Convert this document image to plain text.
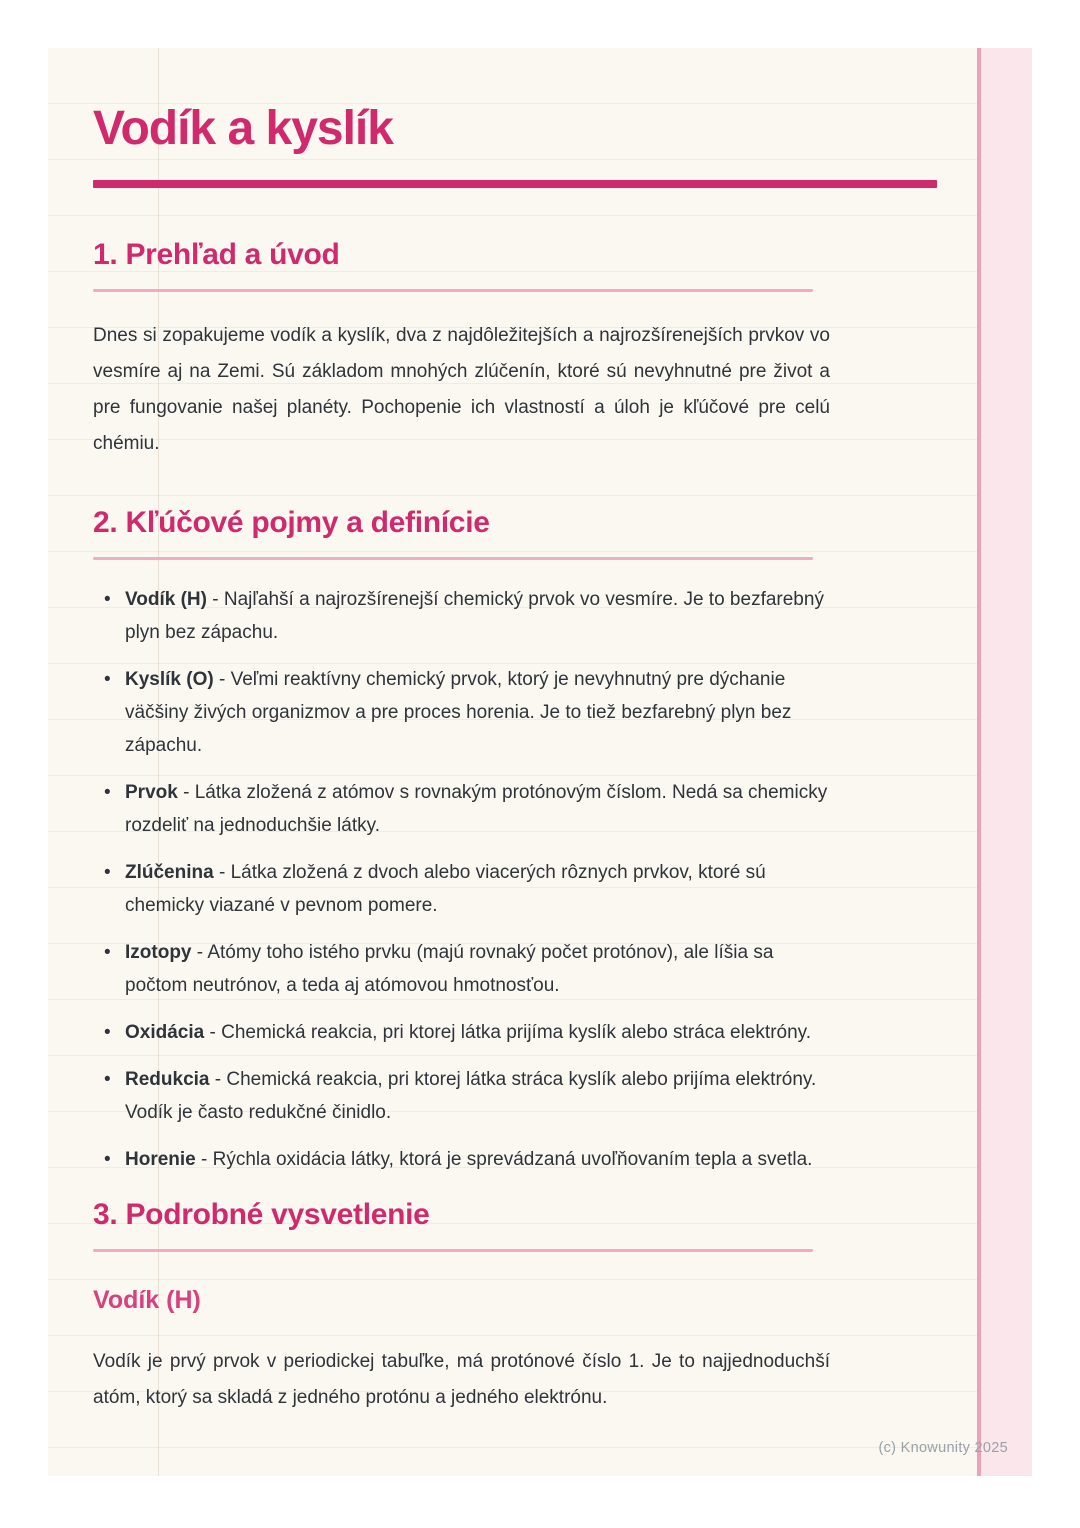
Vodík a kyslík
1. Prehľad a úvod

Dnes si zopakujeme vodík a kyslík, dva z najdôležitejších a najrozšírenejších prvkov vo vesmíre aj na Zemi. Sú základom mnohých zlúčenín, ktoré sú nevyhnutné pre život a pre fungovanie našej planéty. Pochopenie ich vlastností a úloh je kľúčové pre celú chémiu.

2. Kľúčové pojmy a definície
• Vodík (H) - Najľahší a najrozšírenejší chemický prvok vo vesmíre. Je to bezfarebný plyn bez zápachu.
• Kyslík (O) - Veľmi reaktívny chemický prvok, ktorý je nevyhnutný pre dýchanie väčšiny živých organizmov a pre proces horenia. Je to tiež bezfarebný plyn bez zápachu.
• Prvok - Látka zložená z atómov s rovnakým protónovým číslom. Nedá sa chemicky rozdeliť na jednoduchšie látky.
• Zlúčenina - Látka zložená z dvoch alebo viacerých rôznych prvkov, ktoré sú chemicky viazané v pevnom pomere.
• Izotopy - Atómy toho istého prvku (majú rovnaký počet protónov), ale líšia sa počtom neutrónov, a teda aj atómovou hmotnosťou.
• Oxidácia - Chemická reakcia, pri ktorej látka prijíma kyslík alebo stráca elektróny.
• Redukcia - Chemická reakcia, pri ktorej látka stráca kyslík alebo prijíma elektróny. Vodík je často redukčné činidlo.
• Horenie - Rýchla oxidácia látky, ktorá je sprevádzaná uvoľňovaním tepla a svetla.
3. Podrobné vysvetlenie
Vodík (H)

Vodík je prvý prvok v periodickej tabuľke, má protónové číslo 1. Je to najjednoduchší atóm, ktorý sa skladá z jedného protónu a jedného elektrónu.

(c) Knowunity 2025
